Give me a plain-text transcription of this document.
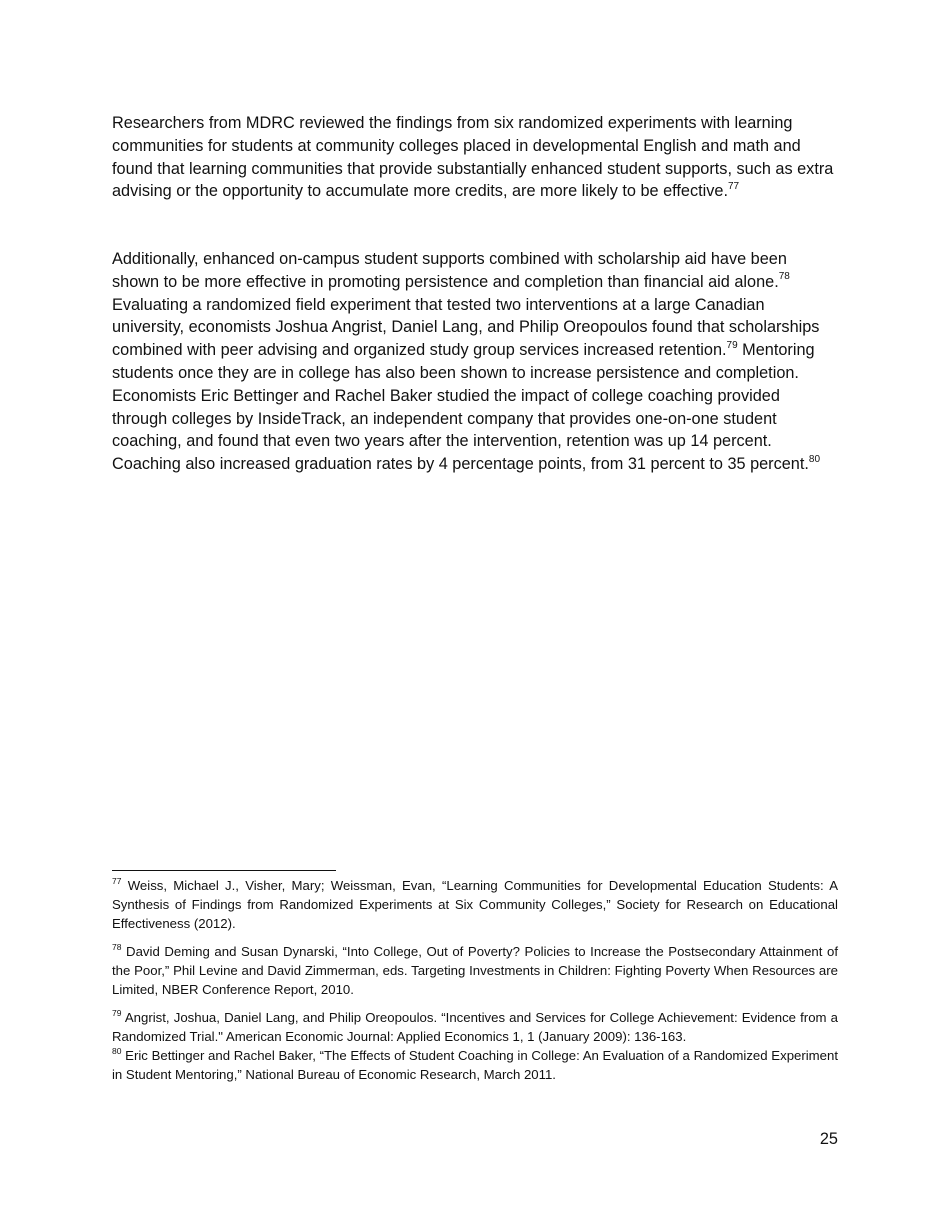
Researchers from MDRC reviewed the findings from six randomized experiments with learning communities for students at community colleges placed in developmental English and math and found that learning communities that provide substantially enhanced student supports, such as extra advising or the opportunity to accumulate more credits, are more likely to be effective.$^{77}$

Additionally, enhanced on-campus student supports combined with scholarship aid have been shown to be more effective in promoting persistence and completion than financial aid alone.$^{78}$ Evaluating a randomized field experiment that tested two interventions at a large Canadian university, economists Joshua Angrist, Daniel Lang, and Philip Oreopoulos found that scholarships combined with peer advising and organized study group services increased retention.$^{79}$ Mentoring students once they are in college has also been shown to increase persistence and completion. Economists Eric Bettinger and Rachel Baker studied the impact of college coaching provided through colleges by InsideTrack, an independent company that provides one-on-one student coaching, and found that even two years after the intervention, retention was up 14 percent. Coaching also increased graduation rates by 4 percentage points, from 31 percent to 35 percent.$^{80}$

$^{77}$ Weiss, Michael J., Visher, Mary; Weissman, Evan, “Learning Communities for Developmental Education Students: A Synthesis of Findings from Randomized Experiments at Six Community Colleges,” Society for Research on Educational Effectiveness (2012).

$^{78}$ David Deming and Susan Dynarski, “Into College, Out of Poverty? Policies to Increase the Postsecondary Attainment of the Poor,” Phil Levine and David Zimmerman, eds. Targeting Investments in Children: Fighting Poverty When Resources are Limited, NBER Conference Report, 2010.

$^{79}$ Angrist, Joshua, Daniel Lang, and Philip Oreopoulos. “Incentives and Services for College Achievement: Evidence from a Randomized Trial." American Economic Journal: Applied Economics 1, 1 (January 2009): 136-163.

$^{80}$ Eric Bettinger and Rachel Baker, “The Effects of Student Coaching in College: An Evaluation of a Randomized Experiment in Student Mentoring,” National Bureau of Economic Research, March 2011.

25
